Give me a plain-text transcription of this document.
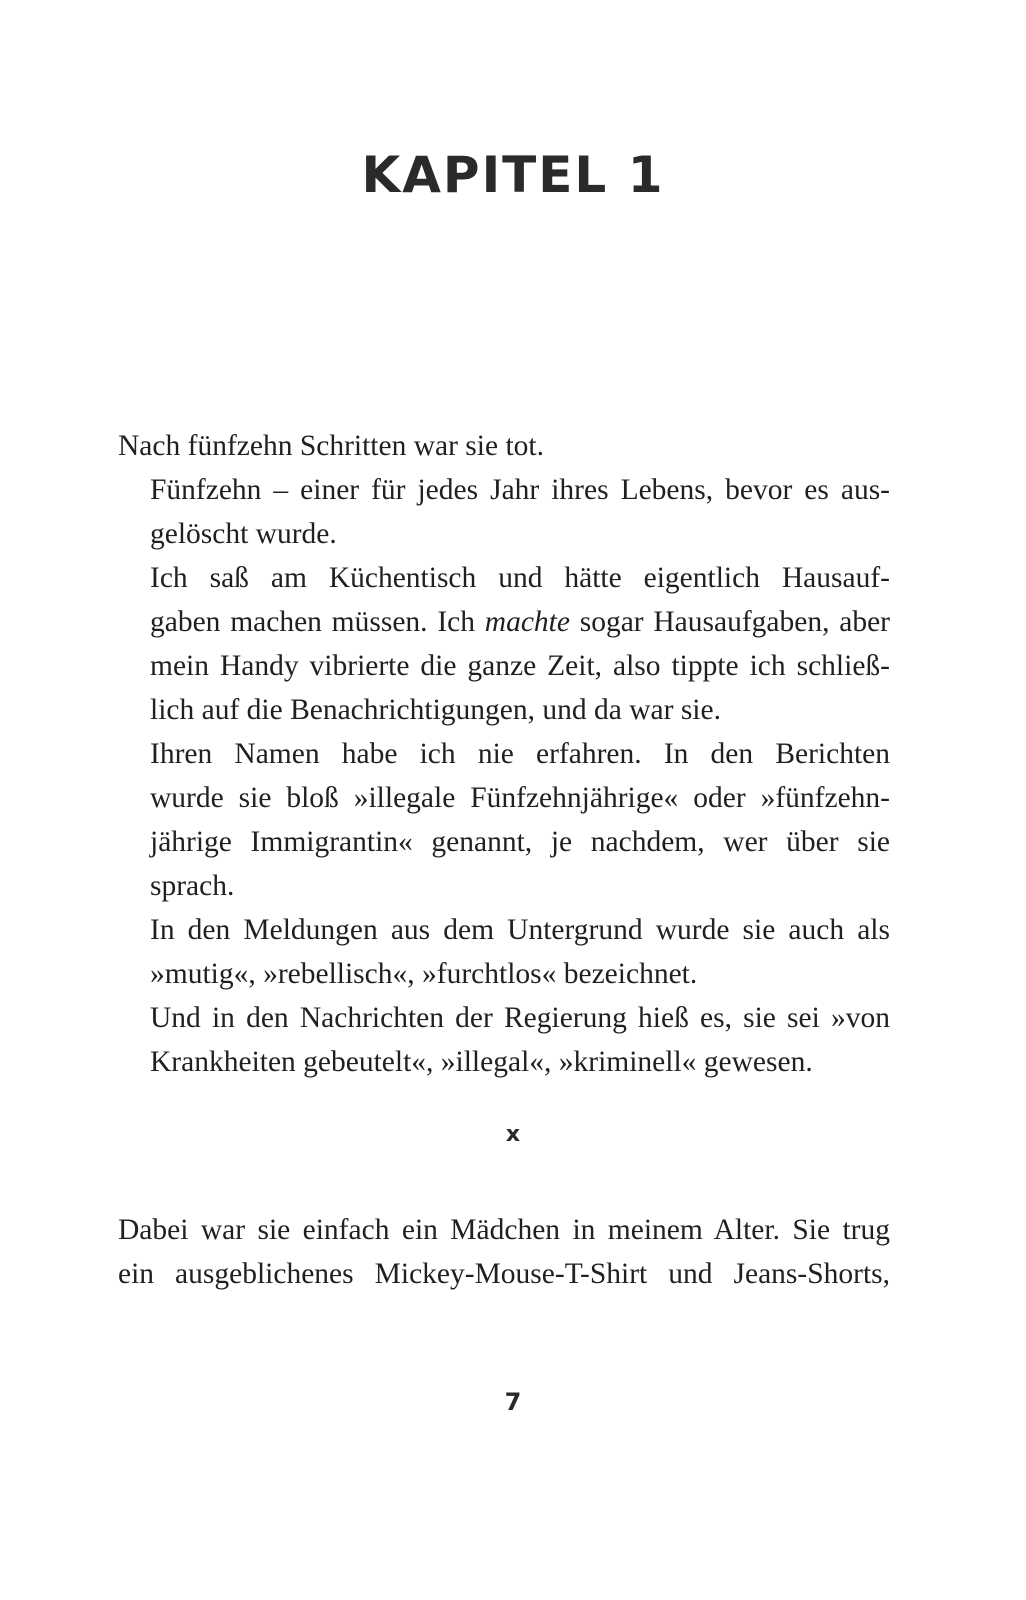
KAPITEL 1

Nach fünfzehn Schritten war sie tot.

Fünfzehn – einer für jedes Jahr ihres Lebens, bevor es aus-
gelöscht wurde.

Ich saß am Küchentisch und hätte eigentlich Hausauf-
gaben machen müssen. Ich machte sogar Hausaufgaben, aber
mein Handy vibrierte die ganze Zeit, also tippte ich schließ-
lich auf die Benachrichtigungen, und da war sie.

Ihren Namen habe ich nie erfahren. In den Berichten
wurde sie bloß »illegale Fünfzehnjährige« oder »fünfzehn-
jährige Immigrantin« genannt, je nachdem, wer über sie
sprach.

In den Meldungen aus dem Untergrund wurde sie auch als
»mutig«, »rebellisch«, »furchtlos« bezeichnet.

Und in den Nachrichten der Regierung hieß es, sie sei »von
Krankheiten gebeutelt«, »illegal«, »kriminell« gewesen.

x

Dabei war sie einfach ein Mädchen in meinem Alter. Sie trug
ein ausgeblichenes Mickey-Mouse-T-Shirt und Jeans-Shorts,

7
